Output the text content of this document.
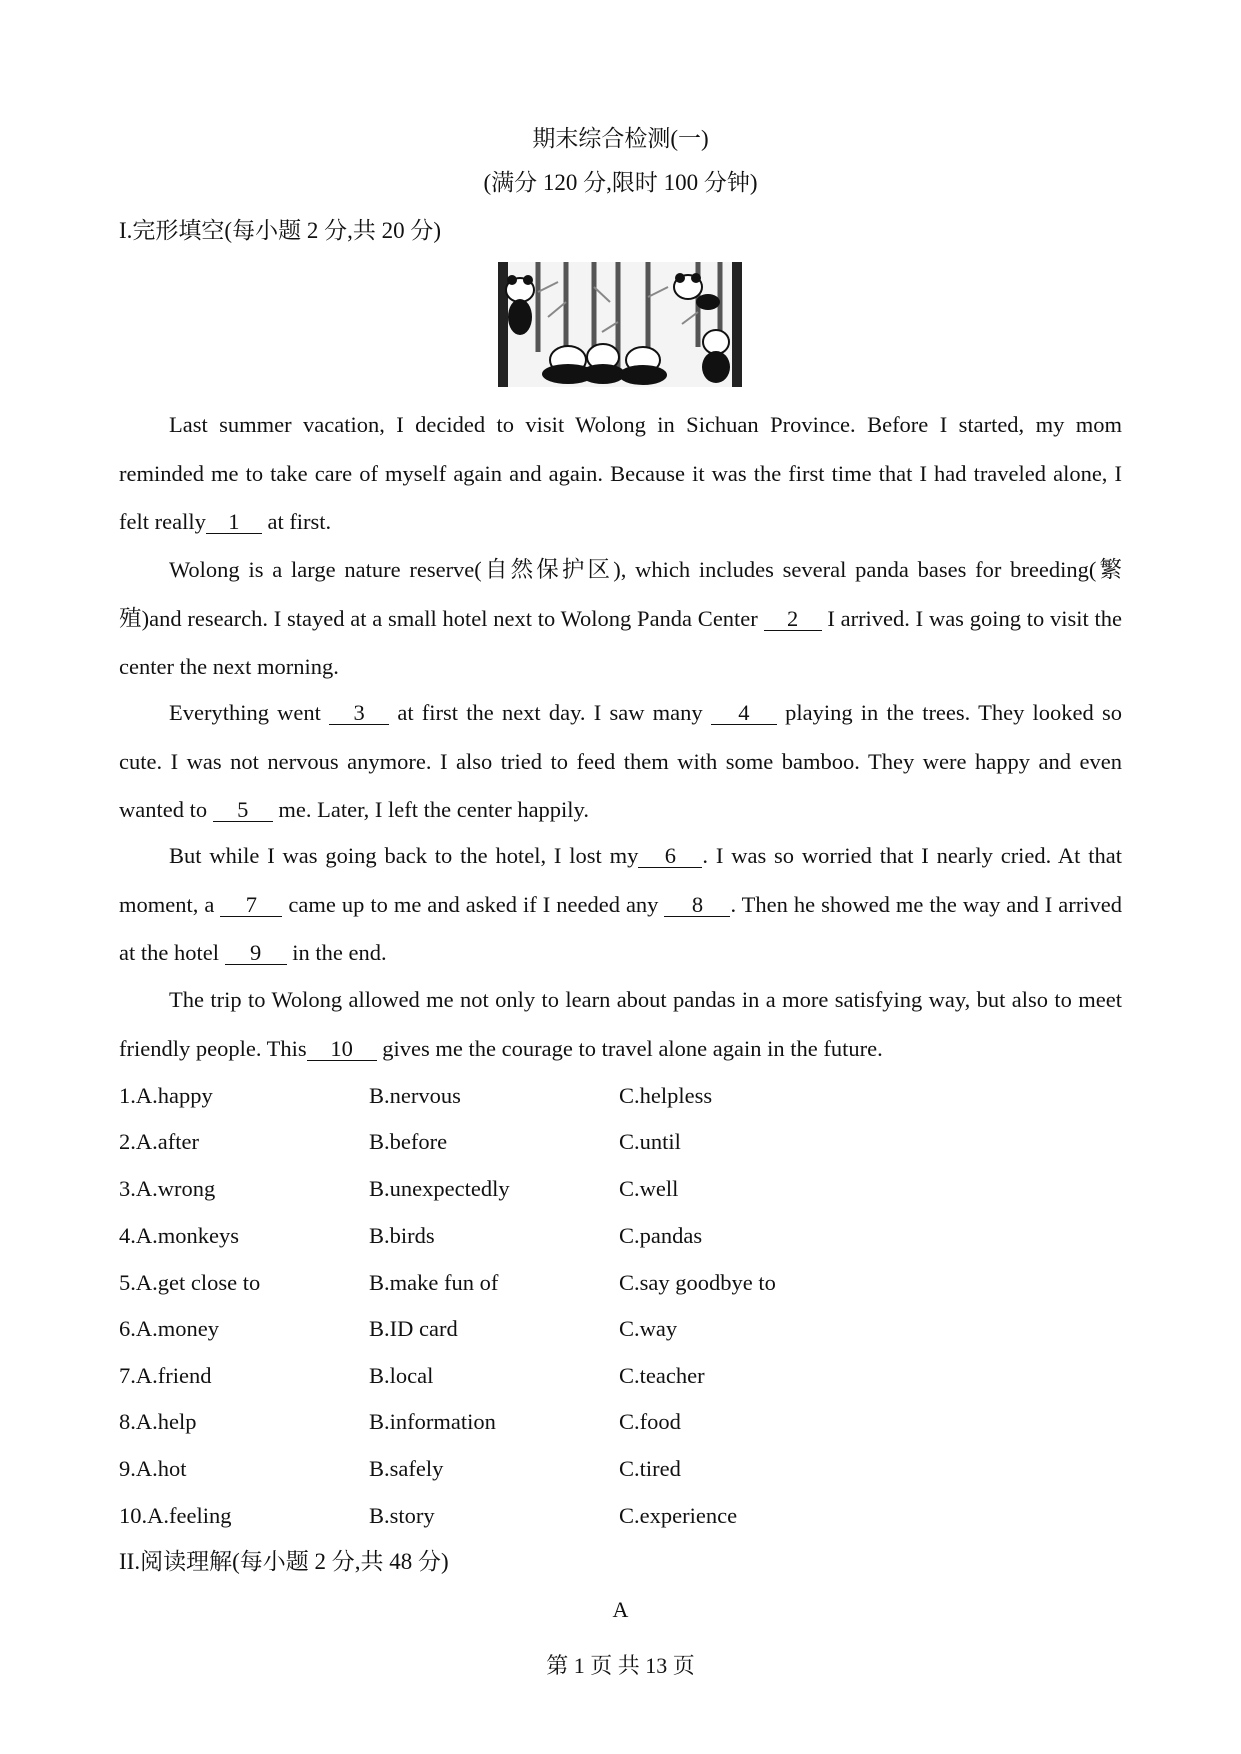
期末综合检测(一)
(满分 120 分,限时 100 分钟)
I.完形填空(每小题 2 分,共 20 分)
Last summer vacation, I decided to visit Wolong in Sichuan Province. Before I started, my mom reminded me to take care of myself again and again. Because it was the first time that I had traveled alone, I felt really 1 at first.
Wolong is a large nature reserve(自然保护区), which includes several panda bases for breeding(繁殖)and research. I stayed at a small hotel next to Wolong Panda Center 2 I arrived. I was going to visit the center the next morning.
Everything went 3 at first the next day. I saw many 4 playing in the trees. They looked so cute. I was not nervous anymore. I also tried to feed them with some bamboo. They were happy and even wanted to 5 me. Later, I left the center happily.
But while I was going back to the hotel, I lost my 6 . I was so worried that I nearly cried. At that moment, a 7 came up to me and asked if I needed any 8 . Then he showed me the way and I arrived at the hotel 9 in the end.
The trip to Wolong allowed me not only to learn about pandas in a more satisfying way, but also to meet friendly people. This 10 gives me the courage to travel alone again in the future.
1.A.happy	B.nervous	C.helpless
2.A.after	B.before	C.until
3.A.wrong	B.unexpectedly	C.well
4.A.monkeys	B.birds	C.pandas
5.A.get close to	B.make fun of	C.say goodbye to
6.A.money	B.ID card	C.way
7.A.friend	B.local	C.teacher
8.A.help	B.information	C.food
9.A.hot	B.safely	C.tired
10.A.feeling	B.story	C.experience
II.阅读理解(每小题 2 分,共 48 分)
A
第 1 页 共 13 页
